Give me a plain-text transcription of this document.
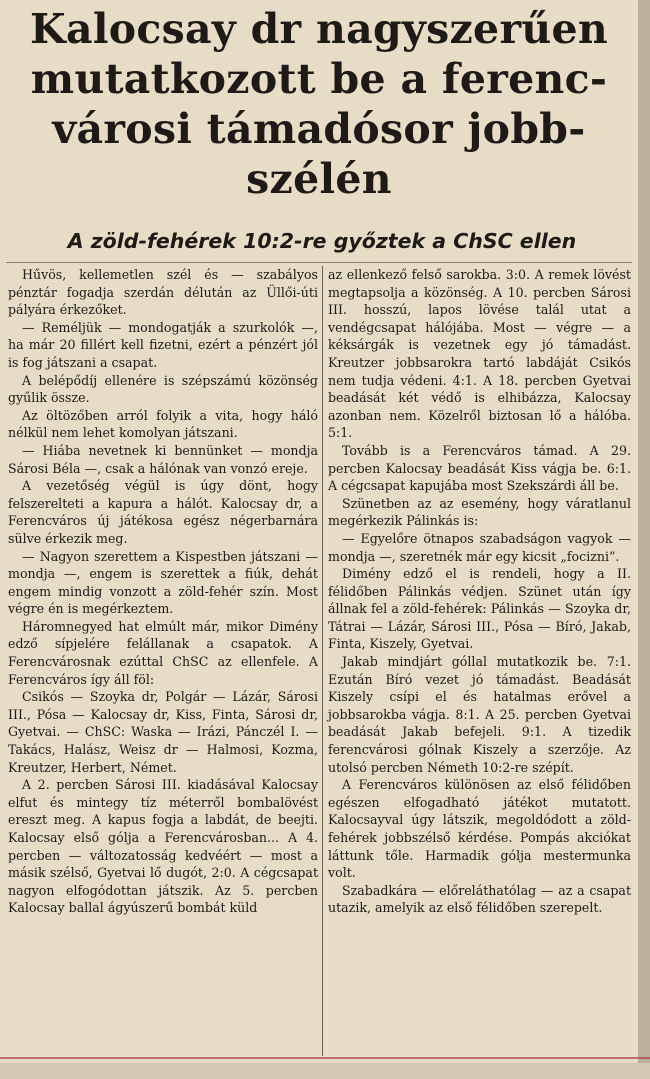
Kalocsay dr nagyszerűen
mutatkozott be a ferenc-
városi támadósor jobb-
szélén
A zöld-fehérek 10:2-re győztek a ChSC ellen

Hűvös, kellemetlen szél és — szabályos pénztár fogadja szerdán délután az Üllői-úti pályára érkezőket.

— Reméljük — mondogatják a szurkolók —, ha már 20 fillért kell fizetni, ezért a pénzért jól is fog játszani a csapat.

A belépődíj ellenére is szépszámú közönség gyűlik össze.

Az öltözőben arról folyik a vita, hogy háló nélkül nem lehet komolyan játszani.

— Hiába nevetnek ki bennünket — mondja Sárosi Béla —, csak a hálónak van vonzó ereje.

A vezetőség végül is úgy dönt, hogy felszerelteti a kapura a hálót. Kalocsay dr, a Ferencváros új játékosa egész négerbarnára sülve érkezik meg.

— Nagyon szerettem a Kispestben játszani — mondja —, engem is szerettek a fiúk, dehát engem mindig vonzott a zöld-fehér szín. Most végre én is megérkeztem.

Háromnegyed hat elmúlt már, mikor Dimény edző sípjelére felállanak a csapatok. A Ferencvárosnak ezúttal ChSC az ellenfele. A Ferencváros így áll föl:

Csikós — Szoyka dr, Polgár — Lázár, Sárosi III., Pósa — Kalocsay dr, Kiss, Finta, Sárosi dr, Gyetvai. — ChSC: Waska — Irázi, Pánczél I. — Takács, Halász, Weisz dr — Halmosi, Kozma, Kreutzer, Herbert, Német.

A 2. percben Sárosi III. kiadásával Kalocsay elfut és mintegy tíz méterről bombalövést ereszt meg. A kapus fogja a labdát, de beejti. Kalocsay első gólja a Ferencvárosban... A 4. percben — változatosság kedvéért — most a másik szélső, Gyetvai lő dugót, 2:0. A cégcsapat nagyon elfogódottan játszik. Az 5. percben Kalocsay ballal ágyúszerű bombát küld

az ellenkező felső sarokba. 3:0. A remek lövést megtapsolja a közönség. A 10. percben Sárosi III. hosszú, lapos lövése talál utat a vendégcsapat hálójába. Most — végre — a kéksárgák is vezetnek egy jó támadást. Kreutzer jobbsarokra tartó labdáját Csikós nem tudja védeni. 4:1. A 18. percben Gyetvai beadását két védő is elhibázza, Kalocsay azonban nem. Közelről biztosan lő a hálóba. 5:1.

Tovább is a Ferencváros támad. A 29. percben Kalocsay beadását Kiss vágja be. 6:1. A cégcsapat kapujába most Szekszárdi áll be.

Szünetben az az esemény, hogy váratlanul megérkezik Pálinkás is:

— Egyelőre ötnapos szabadságon vagyok — mondja —, szeretnék már egy kicsit „focizni”.

Dimény edző el is rendeli, hogy a II. félidőben Pálinkás védjen. Szünet után így állnak fel a zöld-fehérek: Pálinkás — Szoyka dr, Tátrai — Lázár, Sárosi III., Pósa — Bíró, Jakab, Finta, Kiszely, Gyetvai.

Jakab mindjárt góllal mutatkozik be. 7:1. Ezután Bíró vezet jó támadást. Beadását Kiszely csípi el és hatalmas erővel a jobbsarokba vágja. 8:1. A 25. percben Gyetvai beadását Jakab befejeli. 9:1. A tizedik ferencvárosi gólnak Kiszely a szerzője. Az utolsó percben Németh 10:2-re szépít.

A Ferencváros különösen az első félidőben egészen elfogadható játékot mutatott. Kalocsayval úgy látszik, megoldódott a zöld-fehérek jobbszélső kérdése. Pompás akciókat láttunk tőle. Harmadik gólja mestermunka volt.

Szabadkára — előreláthatólag — az a csapat utazik, amelyik az első félidőben szerepelt.
